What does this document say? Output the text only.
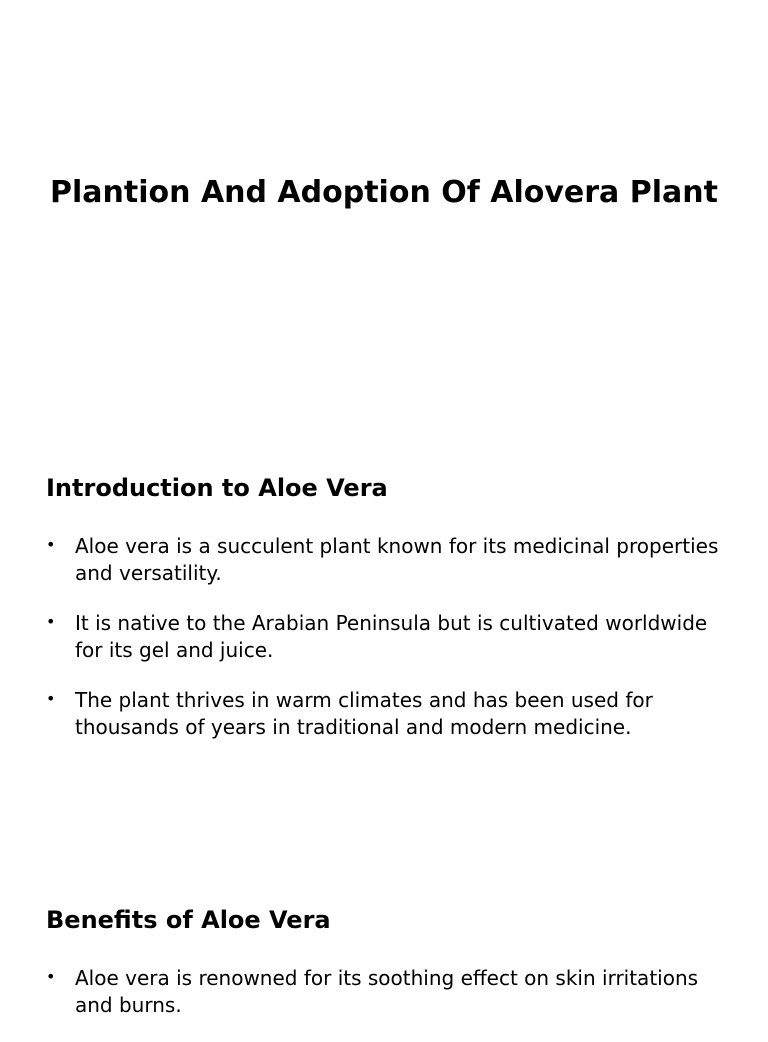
Plantion And Adoption Of Alovera Plant
Introduction to Aloe Vera
• Aloe vera is a succulent plant known for its medicinal properties and versatility.
• It is native to the Arabian Peninsula but is cultivated worldwide for its gel and juice.
• The plant thrives in warm climates and has been used for thousands of years in traditional and modern medicine.
Benefits of Aloe Vera
• Aloe vera is renowned for its soothing effect on skin irritations and burns.
